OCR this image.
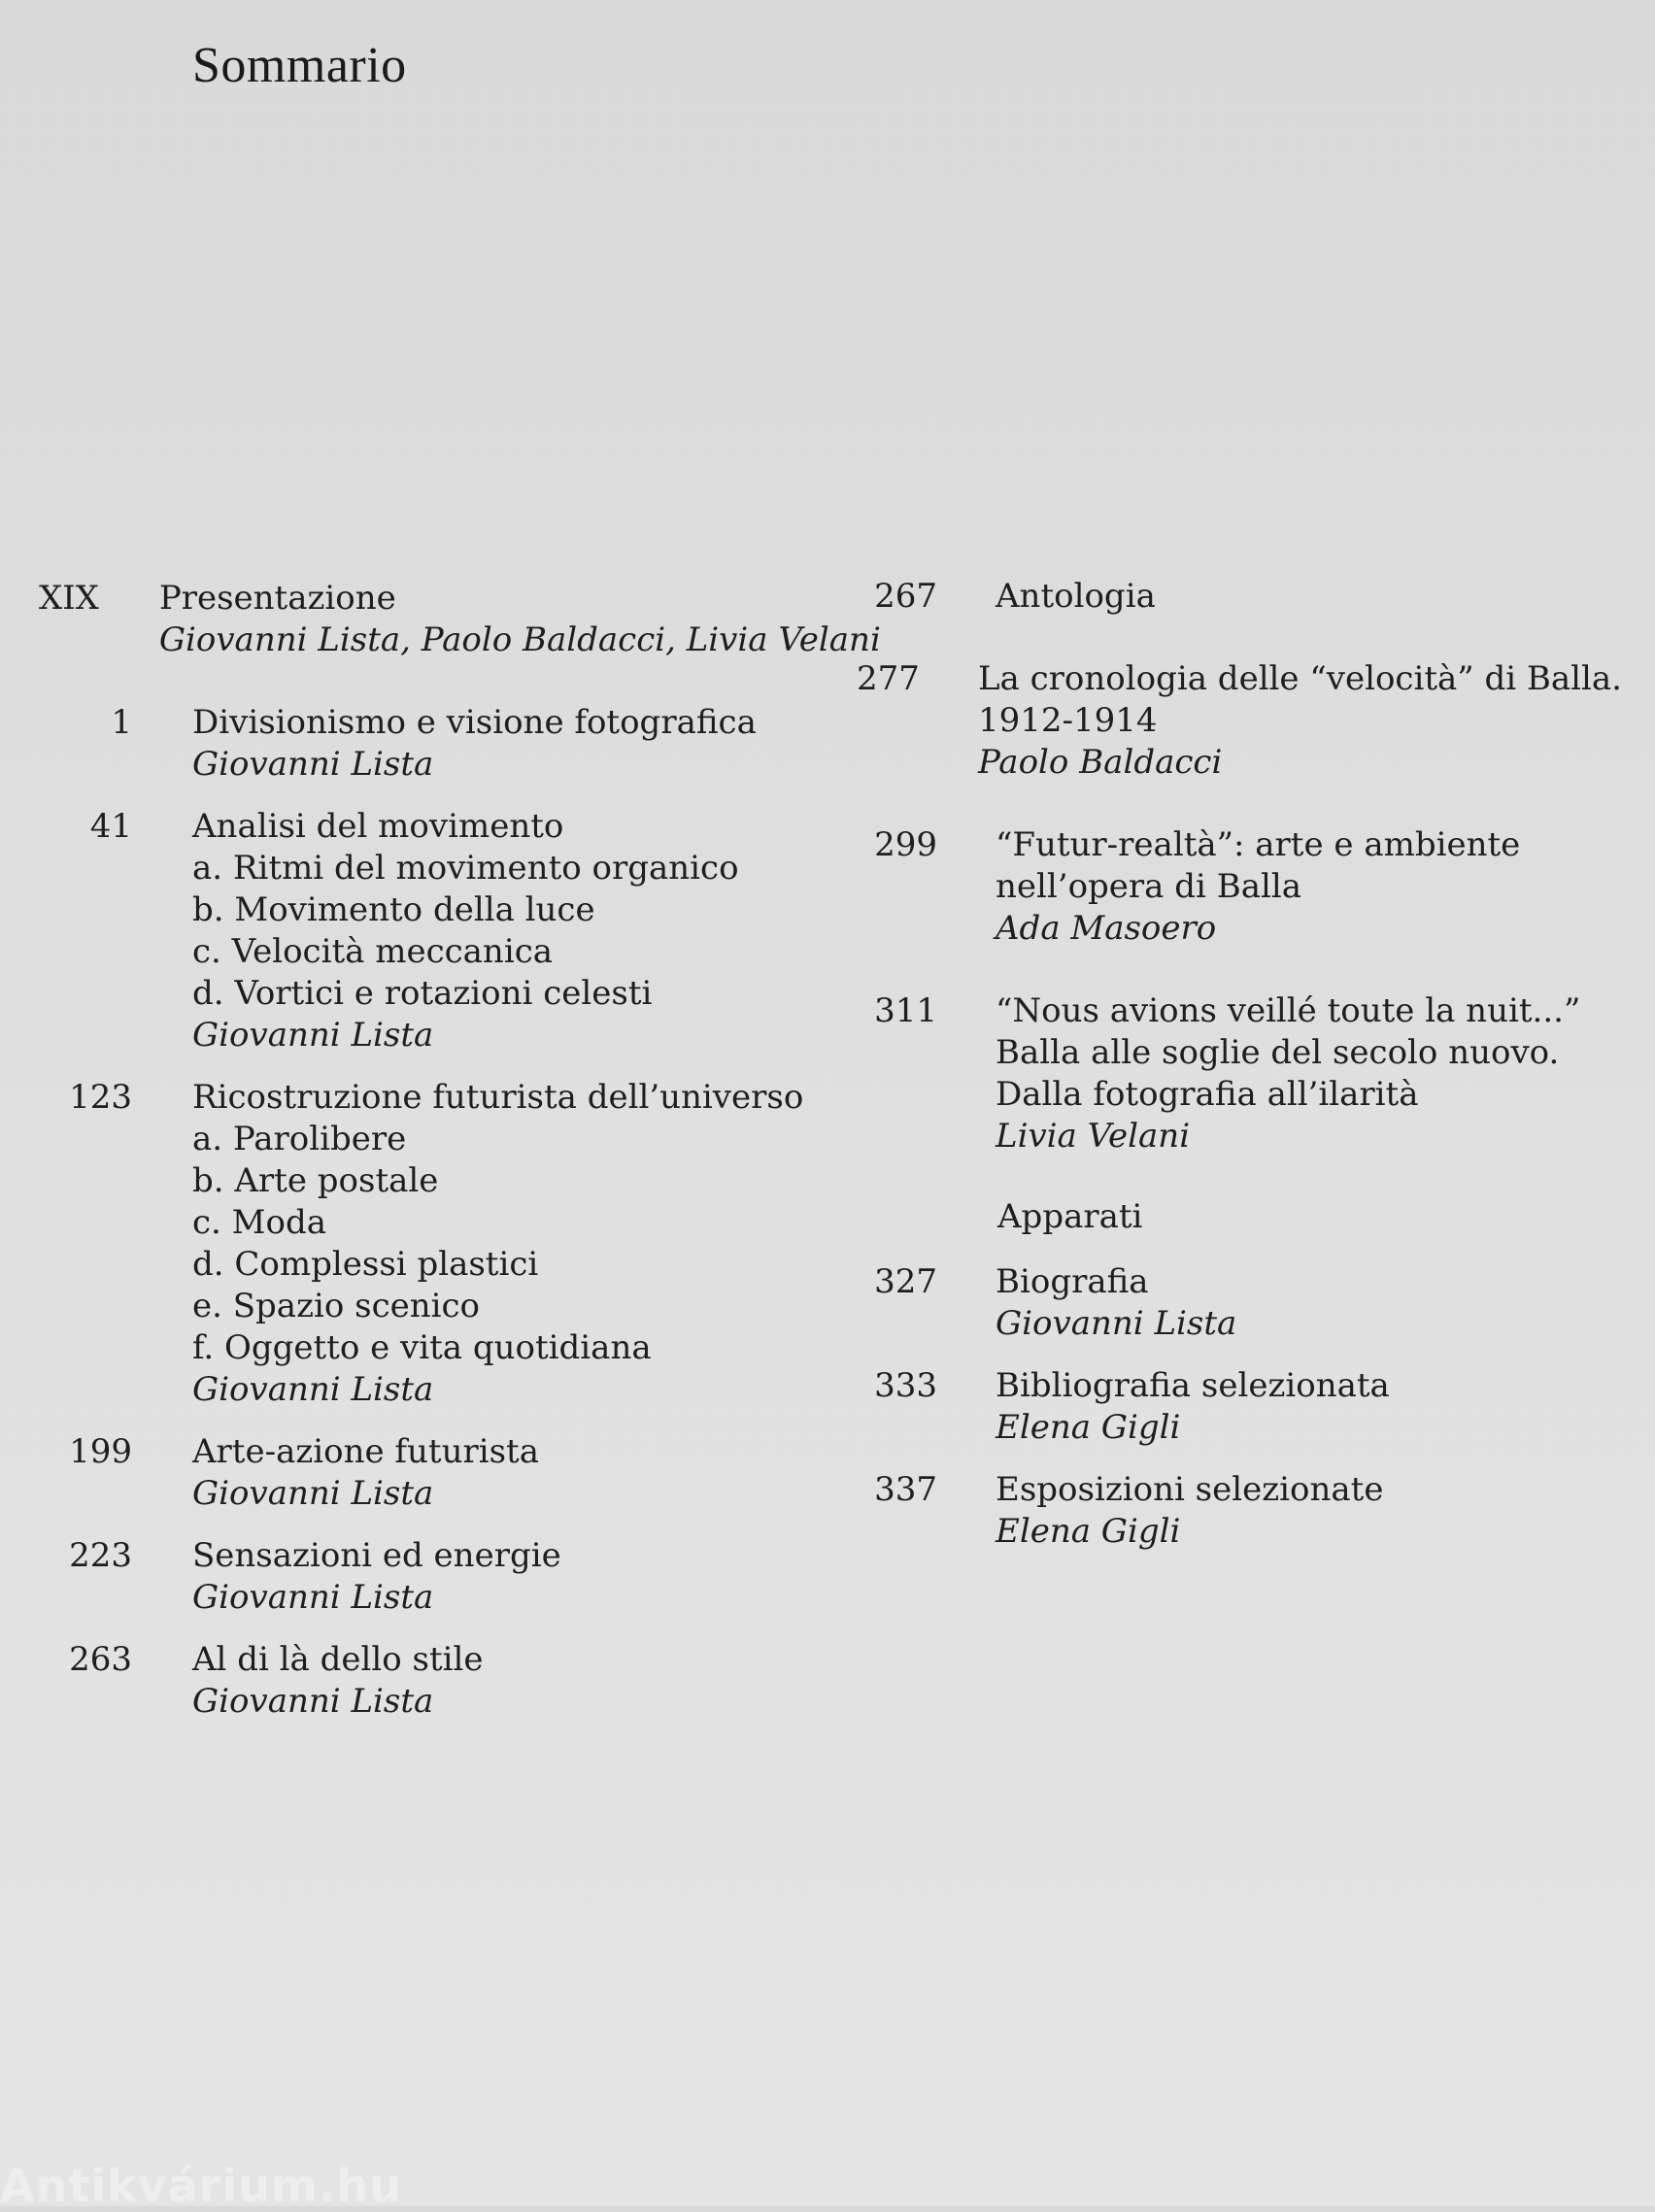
Sommario
XIX Presentazione
Giovanni Lista, Paolo Baldacci, Livia Velani
1 Divisionismo e visione fotografica
Giovanni Lista
41 Analisi del movimento
a. Ritmi del movimento organico
b. Movimento della luce
c. Velocità meccanica
d. Vortici e rotazioni celesti
Giovanni Lista
123 Ricostruzione futurista dell’universo
a. Parolibere
b. Arte postale
c. Moda
d. Complessi plastici
e. Spazio scenico
f. Oggetto e vita quotidiana
Giovanni Lista
199 Arte-azione futurista
Giovanni Lista
223 Sensazioni ed energie
Giovanni Lista
263 Al di là dello stile
Giovanni Lista
267 Antologia
277 La cronologia delle “velocità” di Balla.
1912-1914
Paolo Baldacci
299 “Futur-realtà”: arte e ambiente
nell’opera di Balla
Ada Masoero
311 “Nous avions veillé toute la nuit...”
Balla alle soglie del secolo nuovo.
Dalla fotografia all’ilarità
Livia Velani
Apparati
327 Biografia
Giovanni Lista
333 Bibliografia selezionata
Elena Gigli
337 Esposizioni selezionate
Elena Gigli
Antikvárium.hu
